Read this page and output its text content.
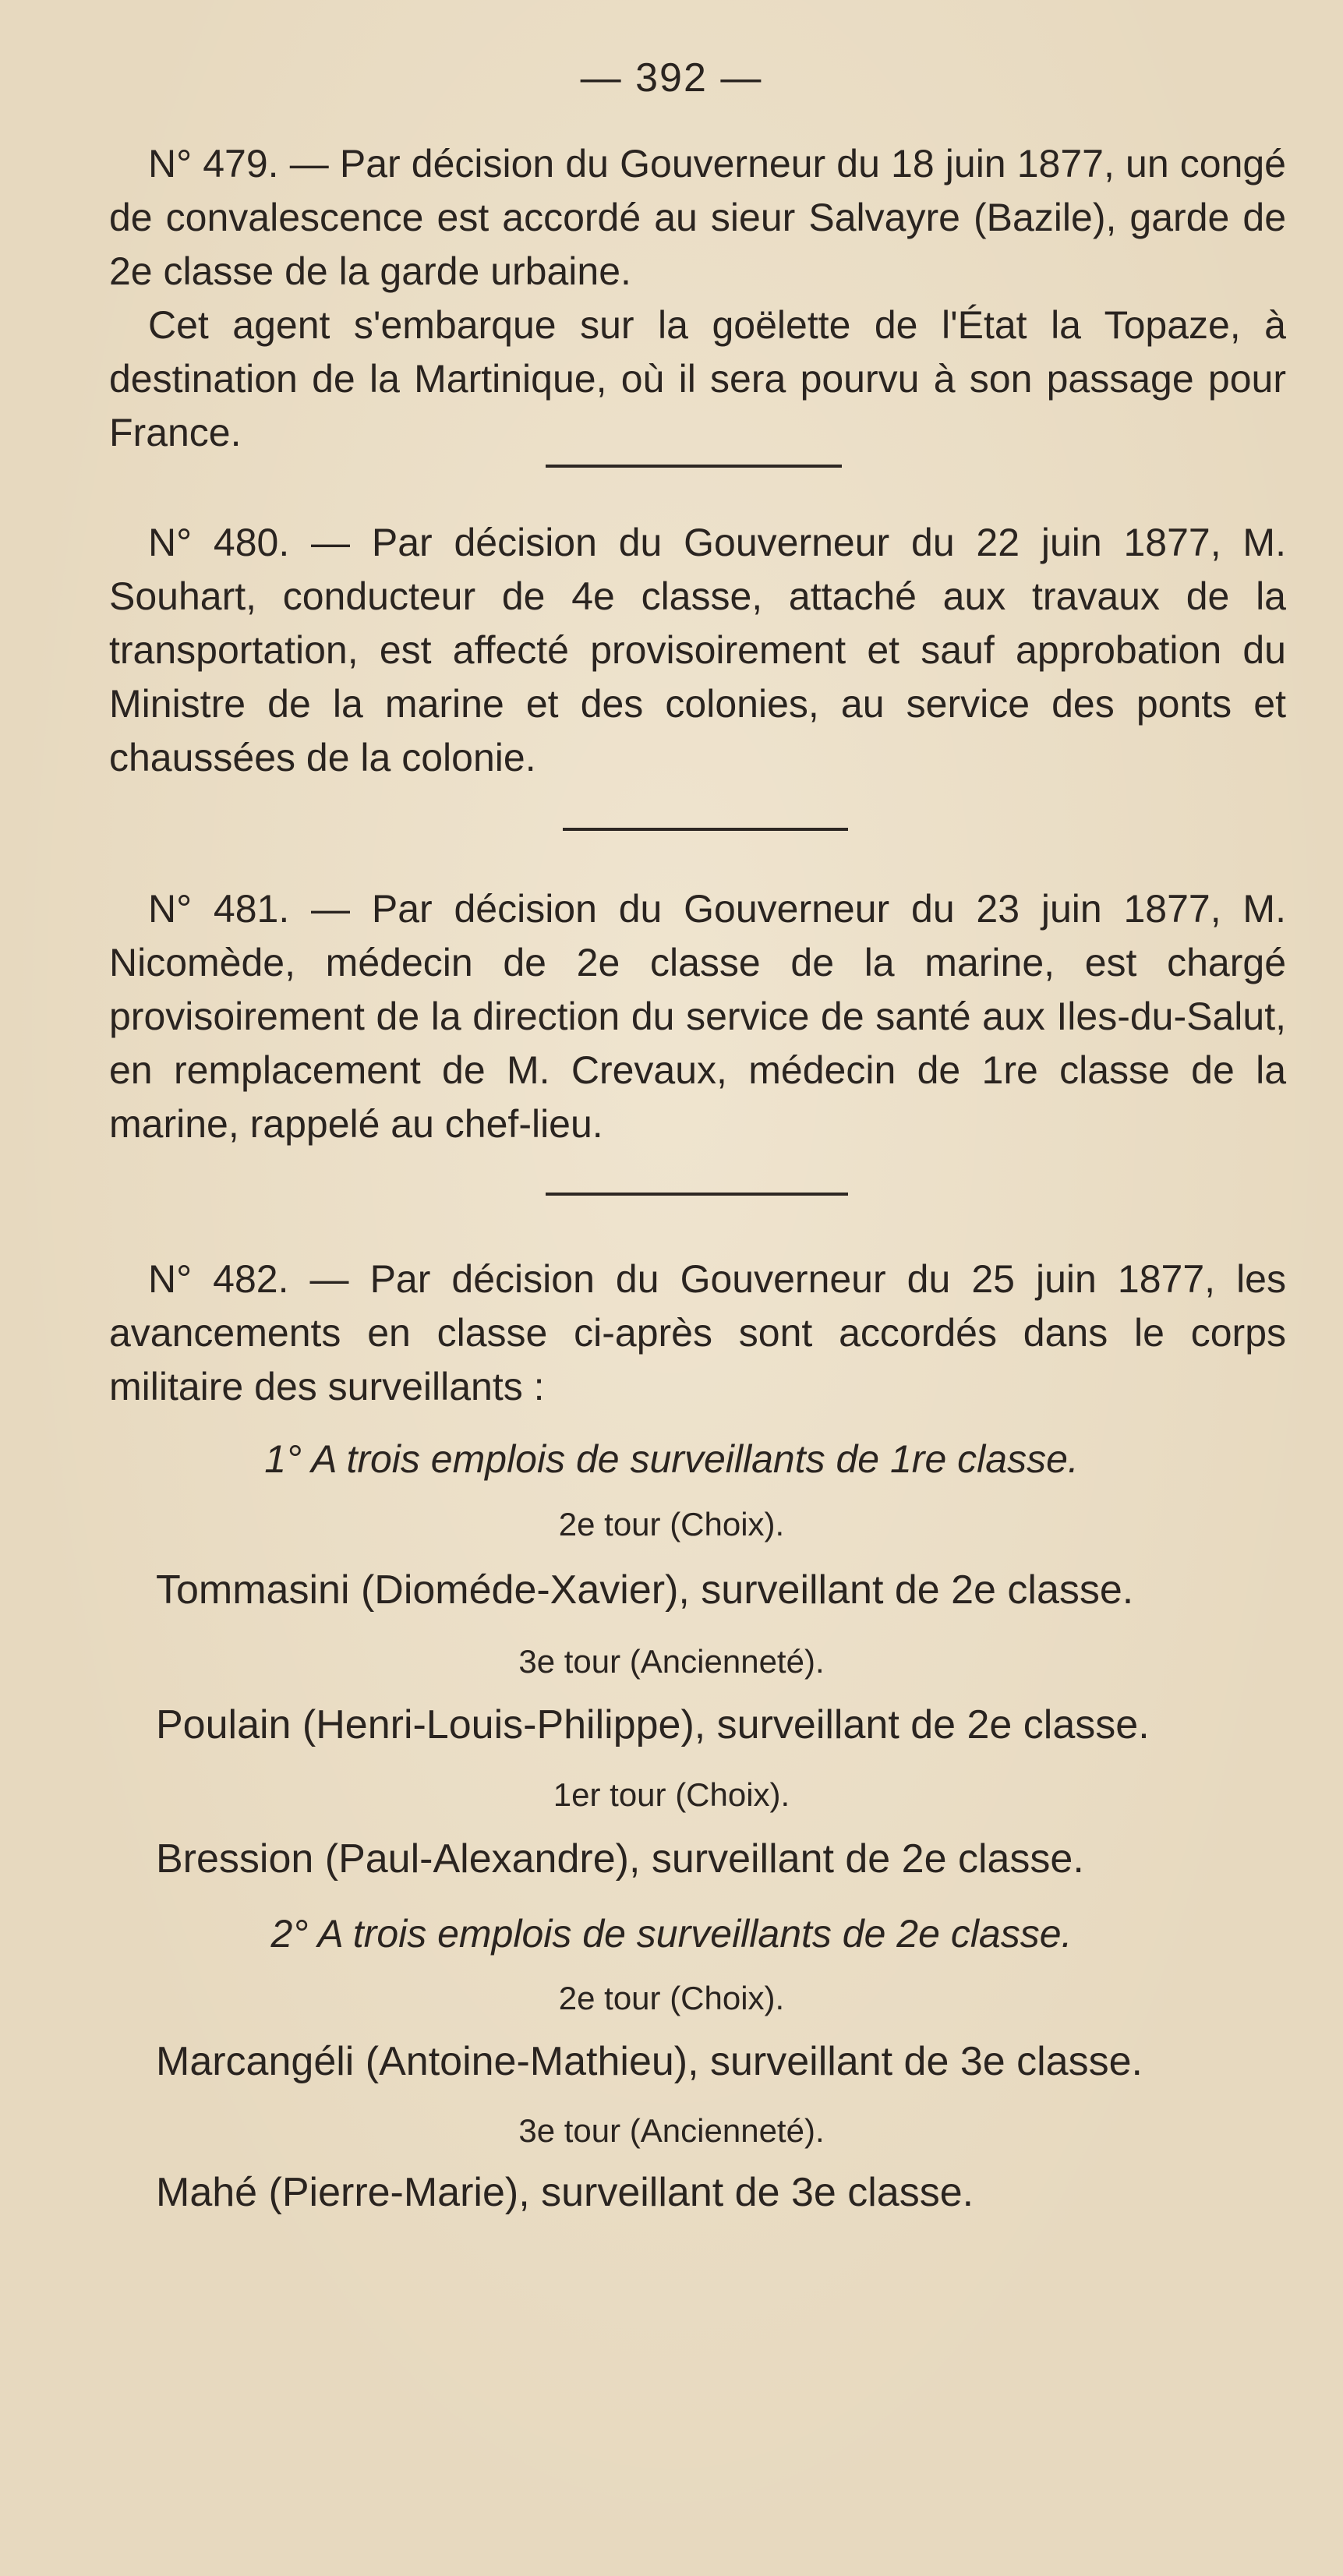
— 392 —

N° 479. — Par décision du Gouverneur du 18 juin 1877, un congé de convalescence est accordé au sieur Salvayre (Bazile), garde de 2e classe de la garde urbaine.

Cet agent s'embarque sur la goëlette de l'État la Topaze, à destination de la Martinique, où il sera pourvu à son passage pour France.

N° 480. — Par décision du Gouverneur du 22 juin 1877, M. Souhart, conducteur de 4e classe, attaché aux travaux de la transportation, est affecté provisoirement et sauf approbation du Ministre de la marine et des colonies, au service des ponts et chaussées de la colonie.

N° 481. — Par décision du Gouverneur du 23 juin 1877, M. Nicomède, médecin de 2e classe de la marine, est chargé provisoirement de la direction du service de santé aux Iles-du-Salut, en remplacement de M. Crevaux, médecin de 1re classe de la marine, rappelé au chef-lieu.

N° 482. — Par décision du Gouverneur du 25 juin 1877, les avancements en classe ci-après sont accordés dans le corps militaire des surveillants :

1° A trois emplois de surveillants de 1re classe.
2e tour (Choix).
Tommasini (Dioméde-Xavier), surveillant de 2e classe.
3e tour (Ancienneté).
Poulain (Henri-Louis-Philippe), surveillant de 2e classe.
1er tour (Choix).
Bression (Paul-Alexandre), surveillant de 2e classe.
2° A trois emplois de surveillants de 2e classe.
2e tour (Choix).
Marcangéli (Antoine-Mathieu), surveillant de 3e classe.
3e tour (Ancienneté).
Mahé (Pierre-Marie), surveillant de 3e classe.
